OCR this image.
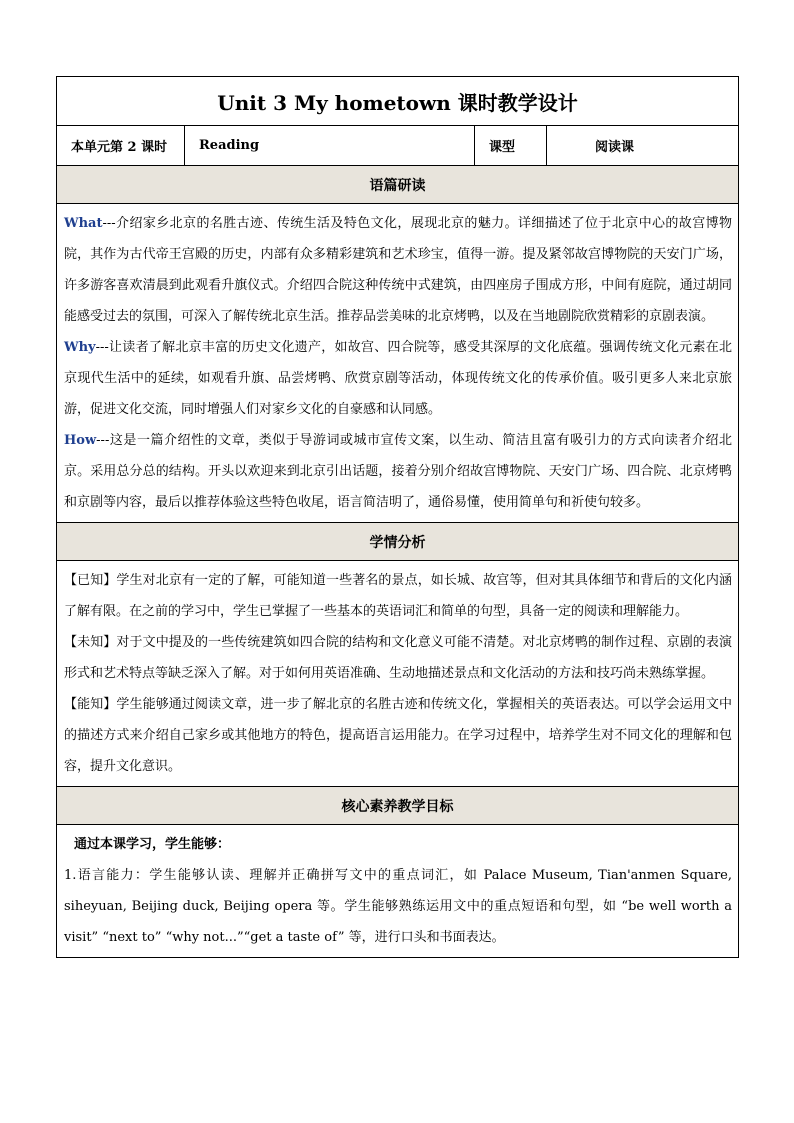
Unit 3 My hometown 课时教学设计
本单元第 2 课时	Reading	课型	阅读课
语篇研读

What---介绍家乡北京的名胜古迹、传统生活及特色文化，展现北京的魅力。详细描述了位于北京中心的故宫博物院，其作为古代帝王宫殿的历史，内部有众多精彩建筑和艺术珍宝，值得一游。提及紧邻故宫博物院的天安门广场，许多游客喜欢清晨到此观看升旗仪式。介绍四合院这种传统中式建筑，由四座房子围成方形，中间有庭院，通过胡同能感受过去的氛围，可深入了解传统北京生活。推荐品尝美味的北京烤鸭，以及在当地剧院欣赏精彩的京剧表演。

Why---让读者了解北京丰富的历史文化遗产，如故宫、四合院等，感受其深厚的文化底蕴。强调传统文化元素在北京现代生活中的延续，如观看升旗、品尝烤鸭、欣赏京剧等活动，体现传统文化的传承价值。吸引更多人来北京旅游，促进文化交流，同时增强人们对家乡文化的自豪感和认同感。

How---这是一篇介绍性的文章，类似于导游词或城市宣传文案，以生动、简洁且富有吸引力的方式向读者介绍北京。采用总分总的结构。开头以欢迎来到北京引出话题，接着分别介绍故宫博物院、天安门广场、四合院、北京烤鸭和京剧等内容，最后以推荐体验这些特色收尾，语言简洁明了，通俗易懂，使用简单句和祈使句较多。

学情分析

【已知】学生对北京有一定的了解，可能知道一些著名的景点，如长城、故宫等，但对其具体细节和背后的文化内涵了解有限。在之前的学习中，学生已掌握了一些基本的英语词汇和简单的句型，具备一定的阅读和理解能力。

【未知】对于文中提及的一些传统建筑如四合院的结构和文化意义可能不清楚。对北京烤鸭的制作过程、京剧的表演形式和艺术特点等缺乏深入了解。对于如何用英语准确、生动地描述景点和文化活动的方法和技巧尚未熟练掌握。

【能知】学生能够通过阅读文章，进一步了解北京的名胜古迹和传统文化，掌握相关的英语表达。可以学会运用文中的描述方式来介绍自己家乡或其他地方的特色，提高语言运用能力。在学习过程中，培养学生对不同文化的理解和包容，提升文化意识。

核心素养教学目标

通过本课学习，学生能够：

1.语言能力：学生能够认读、理解并正确拼写文中的重点词汇，如 Palace Museum, Tian'anmen Square, siheyuan, Beijing duck, Beijing opera 等。学生能够熟练运用文中的重点短语和句型，如 “be well worth a visit” “next to” “why not...”“get a taste of” 等，进行口头和书面表达。
